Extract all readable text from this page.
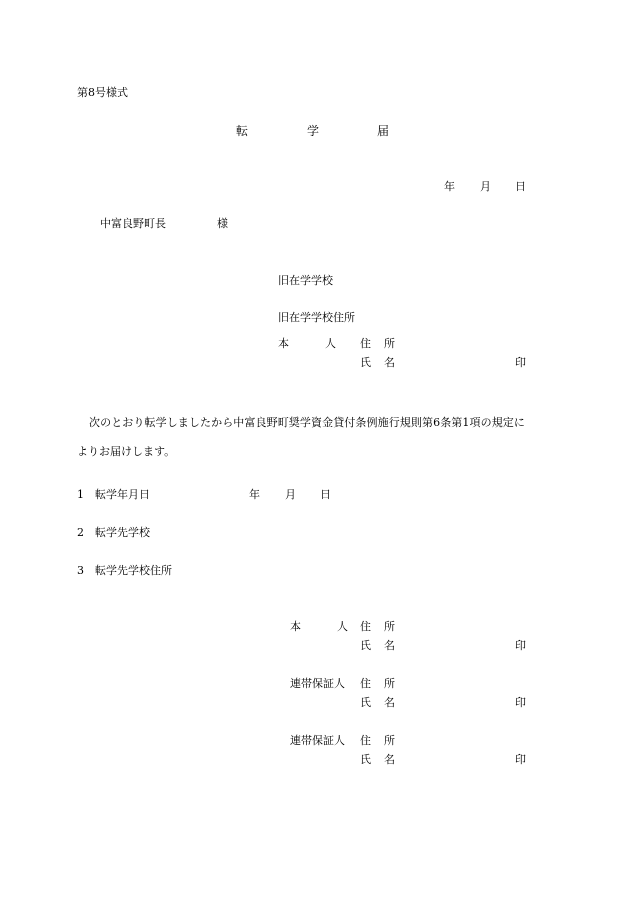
第8号様式
転	学	届
年 月 日
中富良野町長	様
旧在学学校
旧在学学校住所
本	人 住 所
氏 名	印
次のとおり転学しましたから中富良野町奨学資金貸付条例施行規則第6条第1項の規定に
よりお届けします。
1 転学年月日	年 月 日
2 転学先学校
3 転学先学校住所
本	人 住 所
氏 名	印
連帯保証人 住 所
氏 名	印
連帯保証人 住 所
氏 名	印
